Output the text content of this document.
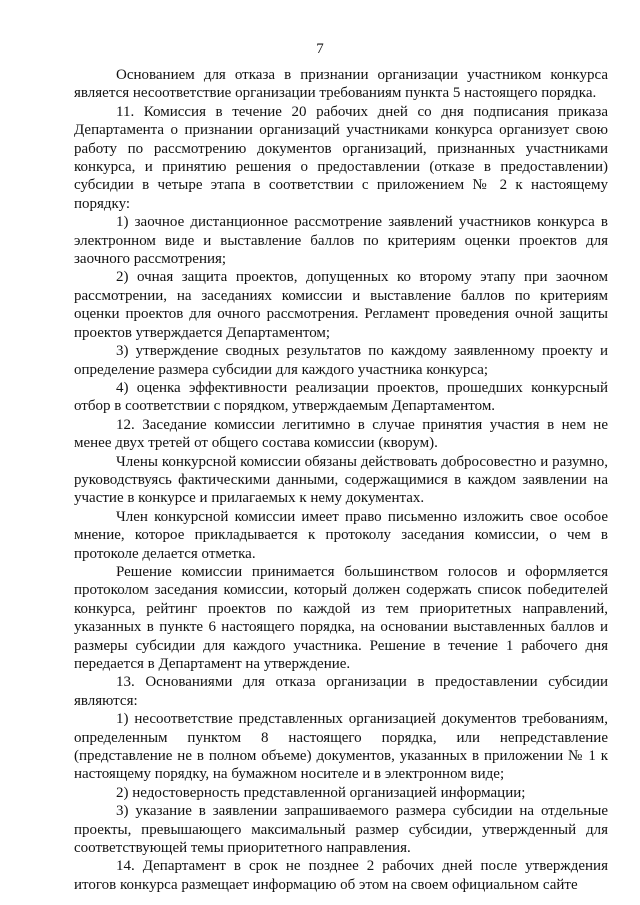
7

Основанием для отказа в признании организации участником конкурса является несоответствие организации требованиям пункта 5 настоящего порядка.

11. Комиссия в течение 20 рабочих дней со дня подписания приказа Департамента о признании организаций участниками конкурса организует свою работу по рассмотрению документов организаций, признанных участниками конкурса, и принятию решения о предоставлении (отказе в предоставлении) субсидии в четыре этапа в соответствии с приложением № 2 к настоящему порядку:

1) заочное дистанционное рассмотрение заявлений участников конкурса в электронном виде и выставление баллов по критериям оценки проектов для заочного рассмотрения;

2) очная защита проектов, допущенных ко второму этапу при заочном рассмотрении, на заседаниях комиссии и выставление баллов по критериям оценки проектов для очного рассмотрения. Регламент проведения очной защиты проектов утверждается Департаментом;

3) утверждение сводных результатов по каждому заявленному проекту и определение размера субсидии для каждого участника конкурса;

4) оценка эффективности реализации проектов, прошедших конкурсный отбор в соответствии с порядком, утверждаемым Департаментом.

12. Заседание комиссии легитимно в случае принятия участия в нем не менее двух третей от общего состава комиссии (кворум).

Члены конкурсной комиссии обязаны действовать добросовестно и разумно, руководствуясь фактическими данными, содержащимися в каждом заявлении на участие в конкурсе и прилагаемых к нему документах.

Член конкурсной комиссии имеет право письменно изложить свое особое мнение, которое прикладывается к протоколу заседания комиссии, о чем в протоколе делается отметка.

Решение комиссии принимается большинством голосов и оформляется протоколом заседания комиссии, который должен содержать список победителей конкурса, рейтинг проектов по каждой из тем приоритетных направлений, указанных в пункте 6 настоящего порядка, на основании выставленных баллов и размеры субсидии для каждого участника. Решение в течение 1 рабочего дня передается в Департамент на утверждение.

13. Основаниями для отказа организации в предоставлении субсидии являются:

1) несоответствие представленных организацией документов требованиям, определенным пунктом 8 настоящего порядка, или непредставление (представление не в полном объеме) документов, указанных в приложении № 1 к настоящему порядку, на бумажном носителе и в электронном виде;

2) недостоверность представленной организацией информации;

3) указание в заявлении запрашиваемого размера субсидии на отдельные проекты, превышающего максимальный размер субсидии, утвержденный для соответствующей темы приоритетного направления.

14. Департамент в срок не позднее 2 рабочих дней после утверждения итогов конкурса размещает информацию об этом на своем официальном сайте
